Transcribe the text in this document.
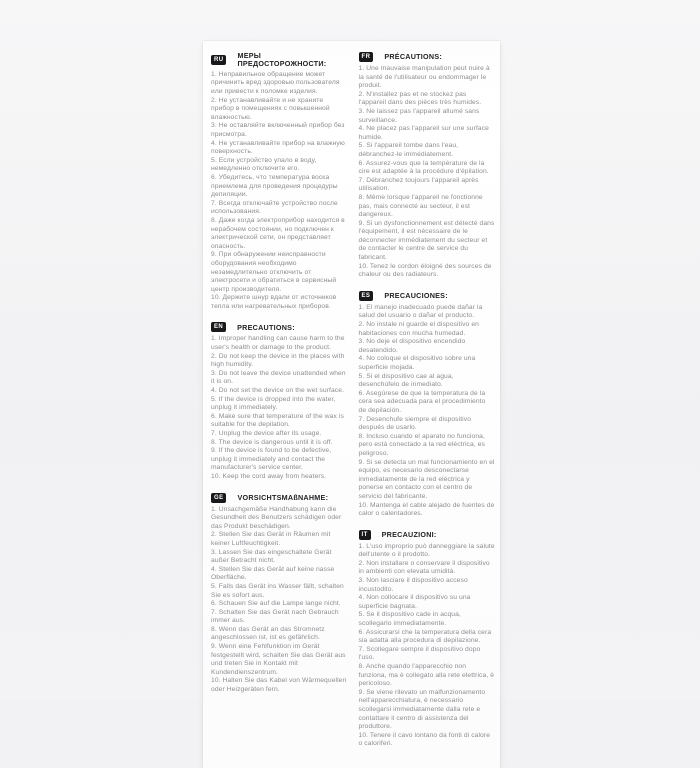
RU	МЕРЫ ПРЕДОСТОРОЖНОСТИ:

1. Неправильное обращение может причинить вред здоровью пользователя или привести к поломке изделия.

2. Не устанавливайте и не храните прибор в помещениях с повышенной влажностью.

3. Не оставляйте включенный прибор без присмотра.

4. Не устанавливайте прибор на влажную поверхность.

5. Если устройство упало в воду, немедленно отключите его.

6. Убедитесь, что температура воска приемлема для проведения процедуры депиляции.

7. Всегда отключайте устройство после использования.

8. Даже когда электроприбор находится в нерабочем состоянии, но подключен к электрической сети, он представляет опасность.

9. При обнаружении неисправности оборудования необходимо незамедлительно отключить от электросети и обратиться в сервисный центр производителя.

10. Держите шнур вдали от источников тепла или нагревательных приборов.

EN	PRECAUTIONS:

1. Improper handling can cause harm to the user's health or damage to the product.

2. Do not keep the device in the places with high humidity.

3. Do not leave the device unattended when it is on.

4. Do not set the device on the wet surface.

5. If the device is dropped into the water, unplug it immediately.

6. Make sure that temperature of the wax is suitable for the depilation.

7. Unplug the device after its usage.

8. The device is dangerous until it is off.

9. If the device is found to be defective, unplug it immediately and contact the manufacturer's service center.

10. Keep the cord away from heaters.

GE	VORSICHTSMAßNAHME:

1. Unsachgemäße Handhabung kann die Gesundheit des Benutzers schädigen oder das Produkt beschädigen.

2. Stellen Sie das Gerät in Räumen mit keiner Luftfeuchtigkeit.

3. Lassen Sie das eingeschaltete Gerät außer Betracht nicht.

4. Stellen Sie das Gerät auf keine nasse Oberfläche.

5. Falls das Gerät ins Wasser fällt, schalten Sie es sofort aus.

6. Schauen Sie auf die Lampe lange nicht.

7. Schalten Sie das Gerät nach Gebrauch immer aus.

8. Wenn das Gerät an das Stromnetz angeschlossen ist, ist es gefährlich.

9. Wenn eine Fehlfunktion im Gerät festgestellt wird, schalten Sie das Gerät aus und treten Sie in Kontakt mit Kundendienszentrum.

10. Halten Sie das Kabel von Wärmequellen oder Heizgeräten fern.

FR	PRÉCAUTIONS:

1. Une mauvaise manipulation peut nuire à la santé de l'utilisateur ou endommager le produit.

2. N'installez pas et ne stockez pas l'appareil dans des pièces très humides.

3. Ne laissez pas l'appareil allumé sans surveillance.

4. Ne placez pas l'appareil sur une surface humide.

5. Si l'appareil tombe dans l'eau, débranchez-le immédiatement.

6. Assurez-vous que la température de la cire est adaptée à la procédure d'épilation.

7. Débranchez toujours l'appareil après utilisation.

8. Même lorsque l'appareil ne fonctionne pas, mais connecté au secteur, il est dangereux.

9. Si un dysfonctionnement est détecté dans l'équipement, il est nécessaire de le déconnecter immédiatement du secteur et de contacter le centre de service du fabricant.

10. Tenez le cordon éloigné des sources de chaleur ou des radiateurs.

ES	PRECAUCIONES:

1. El manejo inadecuado puede dañar la salud del usuario o dañar el producto.

2. No instale ni guarde el dispositivo en habitaciones con mucha humedad.

3. No deje el dispositivo encendido desatendido.

4. No coloque el dispositivo sobre una superficie mojada.

5. Si el dispositivo cae al agua, desenchúfelo de inmediato.

6. Asegúrese de que la temperatura de la cera sea adecuada para el procedimiento de depilación.

7. Desenchufe siempre el dispositivo después de usarlo.

8. Incluso cuando el aparato no funciona, pero está conectado a la red eléctrica, es peligroso.

9. Si se detecta un mal funcionamiento en el equipo, es necesario desconectarse inmediatamente de la red eléctrica y ponerse en contacto con el centro de servicio del fabricante.

10. Mantenga el cable alejado de fuentes de calor o calentadores.

IT	PRECAUZIONI:

1. L'uso improprio può danneggiare la salute dell'utente o il prodotto.

2. Non installare o conservare il dispositivo in ambienti con elevata umidità.

3. Non lasciare il dispositivo acceso incustodito.

4. Non collocare il dispositivo su una superficie bagnata.

5. Se il dispositivo cade in acqua, scollegarlo immediatamente.

6. Assicurarsi che la temperatura della cera sia adatta alla procedura di depilazione.

7. Scollegare sempre il dispositivo dopo l'uso.

8. Anche quando l'apparecchio non funziona, ma è collegato alla rete elettrica, è pericoloso.

9. Se viene rilevato un malfunzionamento nell'apparecchiatura, è necessario scollegarsi immediatamente dalla rete e contattare il centro di assistenza del produttore.

10. Tenere il cavo lontano da fonti di calore o caloriferi.
